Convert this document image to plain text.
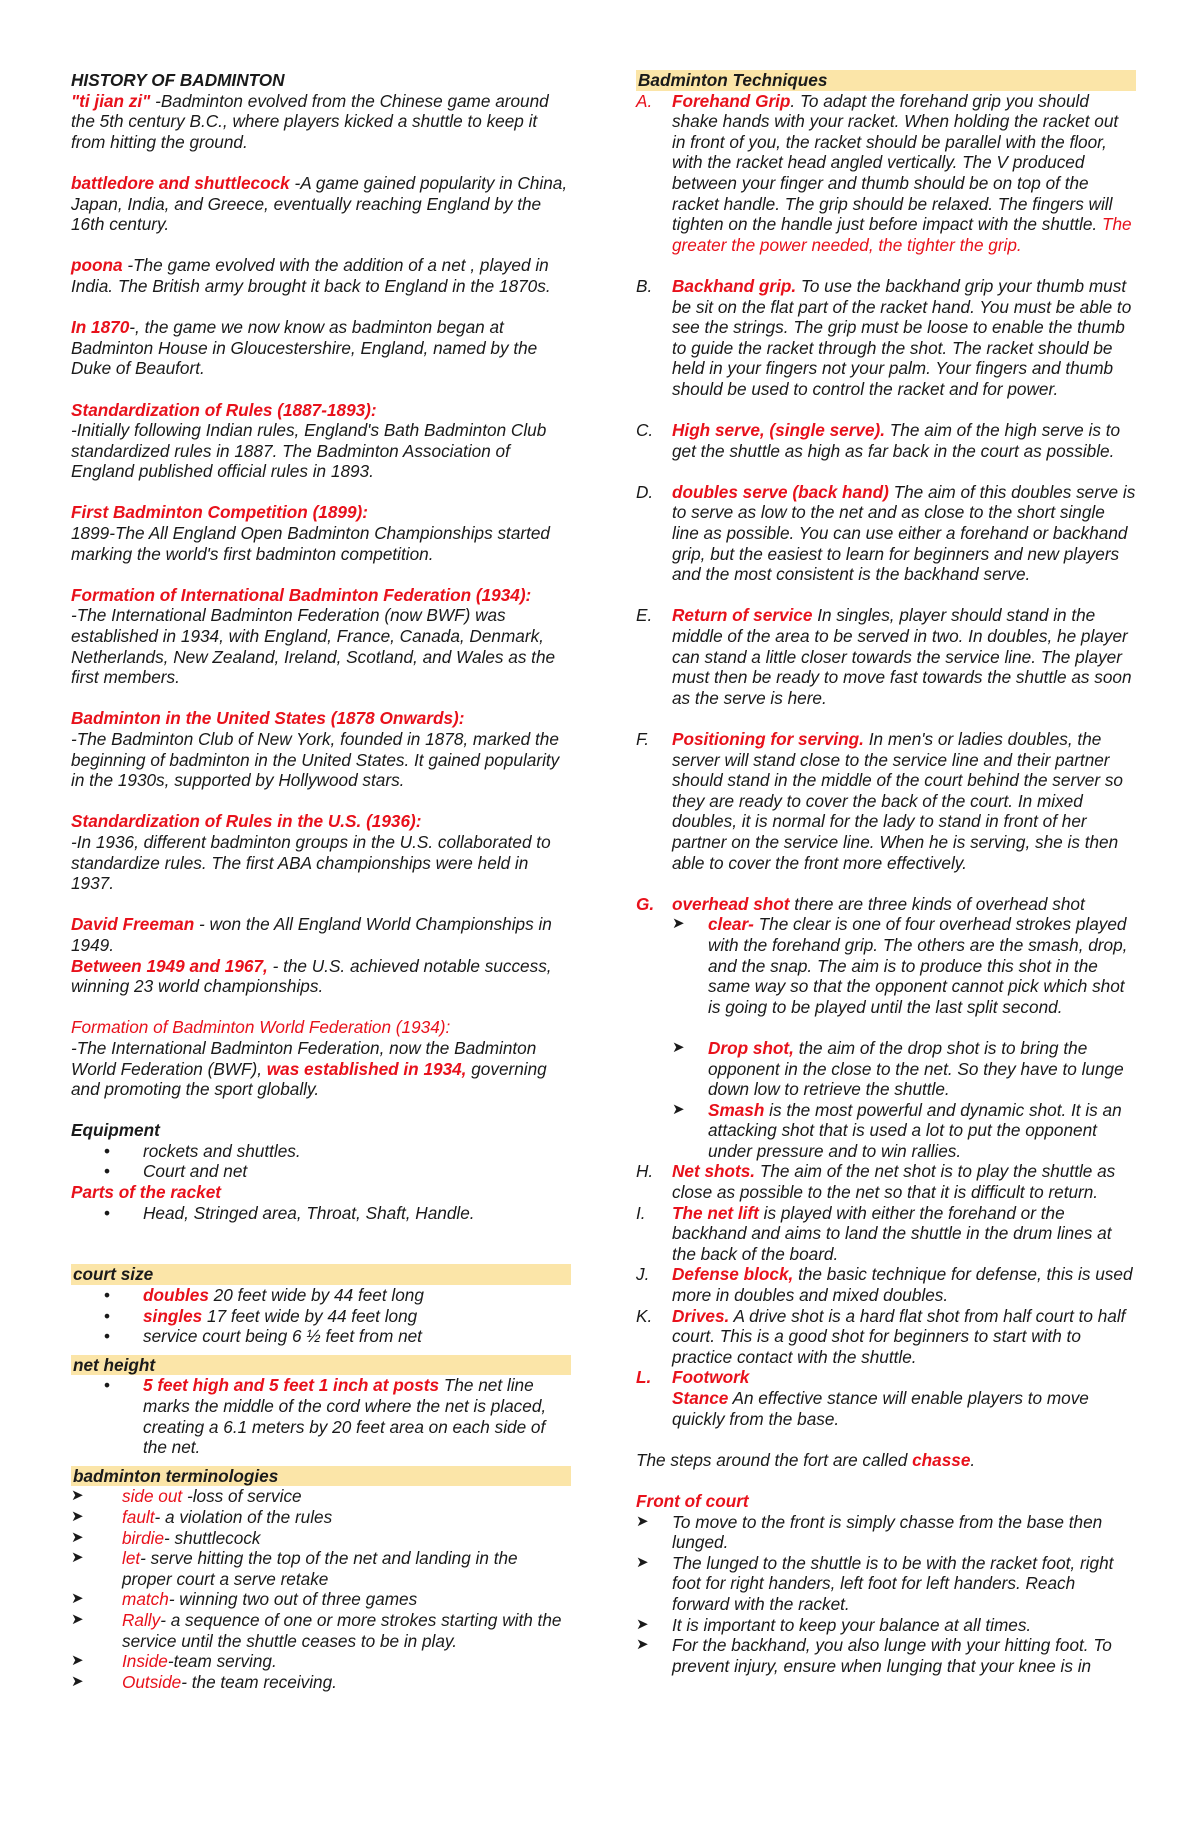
HISTORY OF BADMINTON
"ti jian zi" -Badminton evolved from the Chinese game around the 5th century B.C., where players kicked a shuttle to keep it from hitting the ground.
battledore and shuttlecock -A game gained popularity in China, Japan, India, and Greece, eventually reaching England by the 16th century.
poona -The game evolved with the addition of a net , played in India. The British army brought it back to England in the 1870s.
In 1870-, the game we now know as badminton began at Badminton House in Gloucestershire, England, named by the Duke of Beaufort.
Standardization of Rules (1887-1893):
-Initially following Indian rules, England's Bath Badminton Club standardized rules in 1887. The Badminton Association of England published official rules in 1893.
First Badminton Competition (1899):
1899-The All England Open Badminton Championships started marking the world's first badminton competition.
Formation of International Badminton Federation (1934):
-The International Badminton Federation (now BWF) was established in 1934, with England, France, Canada, Denmark, Netherlands, New Zealand, Ireland, Scotland, and Wales as the first members.
Badminton in the United States (1878 Onwards):
-The Badminton Club of New York, founded in 1878, marked the beginning of badminton in the United States. It gained popularity in the 1930s, supported by Hollywood stars.
Standardization of Rules in the U.S. (1936):
-In 1936, different badminton groups in the U.S. collaborated to standardize rules. The first ABA championships were held in 1937.
David Freeman - won the All England World Championships in 1949.
Between 1949 and 1967, - the U.S. achieved notable success, winning 23 world championships.
Formation of Badminton World Federation (1934):
-The International Badminton Federation, now the Badminton World Federation (BWF), was established in 1934, governing and promoting the sport globally.
Equipment
• rockets and shuttles.
• Court and net
Parts of the racket
• Head, Stringed area, Throat, Shaft, Handle.
court size
• doubles 20 feet wide by 44 feet long
• singles 17 feet wide by 44 feet long
• service court being 6 ½ feet from net
net height
• 5 feet high and 5 feet 1 inch at posts The net line marks the middle of the cord where the net is placed, creating a 6.1 meters by 20 feet area on each side of the net.
badminton terminologies
➤ side out -loss of service
➤ fault- a violation of the rules
➤ birdie- shuttlecock
➤ let- serve hitting the top of the net and landing in the proper court a serve retake
➤ match- winning two out of three games
➤ Rally- a sequence of one or more strokes starting with the service until the shuttle ceases to be in play.
➤ Inside-team serving.
➤ Outside- the team receiving.
Badminton Techniques
A. Forehand Grip. To adapt the forehand grip you should shake hands with your racket. When holding the racket out in front of you, the racket should be parallel with the floor, with the racket head angled vertically. The V produced between your finger and thumb should be on top of the racket handle. The grip should be relaxed. The fingers will tighten on the handle just before impact with the shuttle. The greater the power needed, the tighter the grip.
B. Backhand grip. To use the backhand grip your thumb must be sit on the flat part of the racket hand. You must be able to see the strings. The grip must be loose to enable the thumb to guide the racket through the shot. The racket should be held in your fingers not your palm. Your fingers and thumb should be used to control the racket and for power.
C. High serve, (single serve). The aim of the high serve is to get the shuttle as high as far back in the court as possible.
D. doubles serve (back hand) The aim of this doubles serve is to serve as low to the net and as close to the short single line as possible. You can use either a forehand or backhand grip, but the easiest to learn for beginners and new players and the most consistent is the backhand serve.
E. Return of service In singles, player should stand in the middle of the area to be served in two. In doubles, he player can stand a little closer towards the service line. The player must then be ready to move fast towards the shuttle as soon as the serve is here.
F. Positioning for serving. In men's or ladies doubles, the server will stand close to the service line and their partner should stand in the middle of the court behind the server so they are ready to cover the back of the court. In mixed doubles, it is normal for the lady to stand in front of her partner on the service line. When he is serving, she is then able to cover the front more effectively.
G. overhead shot there are three kinds of overhead shot
➤ clear- The clear is one of four overhead strokes played with the forehand grip. The others are the smash, drop, and the snap. The aim is to produce this shot in the same way so that the opponent cannot pick which shot is going to be played until the last split second.
➤ Drop shot, the aim of the drop shot is to bring the opponent in the close to the net. So they have to lunge down low to retrieve the shuttle.
➤ Smash is the most powerful and dynamic shot. It is an attacking shot that is used a lot to put the opponent under pressure and to win rallies.
H. Net shots. The aim of the net shot is to play the shuttle as close as possible to the net so that it is difficult to return.
I. The net lift is played with either the forehand or the backhand and aims to land the shuttle in the drum lines at the back of the board.
J. Defense block, the basic technique for defense, this is used more in doubles and mixed doubles.
K. Drives. A drive shot is a hard flat shot from half court to half court. This is a good shot for beginners to start with to practice contact with the shuttle.
L. Footwork
Stance An effective stance will enable players to move quickly from the base.
The steps around the fort are called chasse.
Front of court
➤ To move to the front is simply chasse from the base then lunged.
➤ The lunged to the shuttle is to be with the racket foot, right foot for right handers, left foot for left handers. Reach forward with the racket.
➤ It is important to keep your balance at all times.
➤ For the backhand, you also lunge with your hitting foot. To prevent injury, ensure when lunging that your knee is in
